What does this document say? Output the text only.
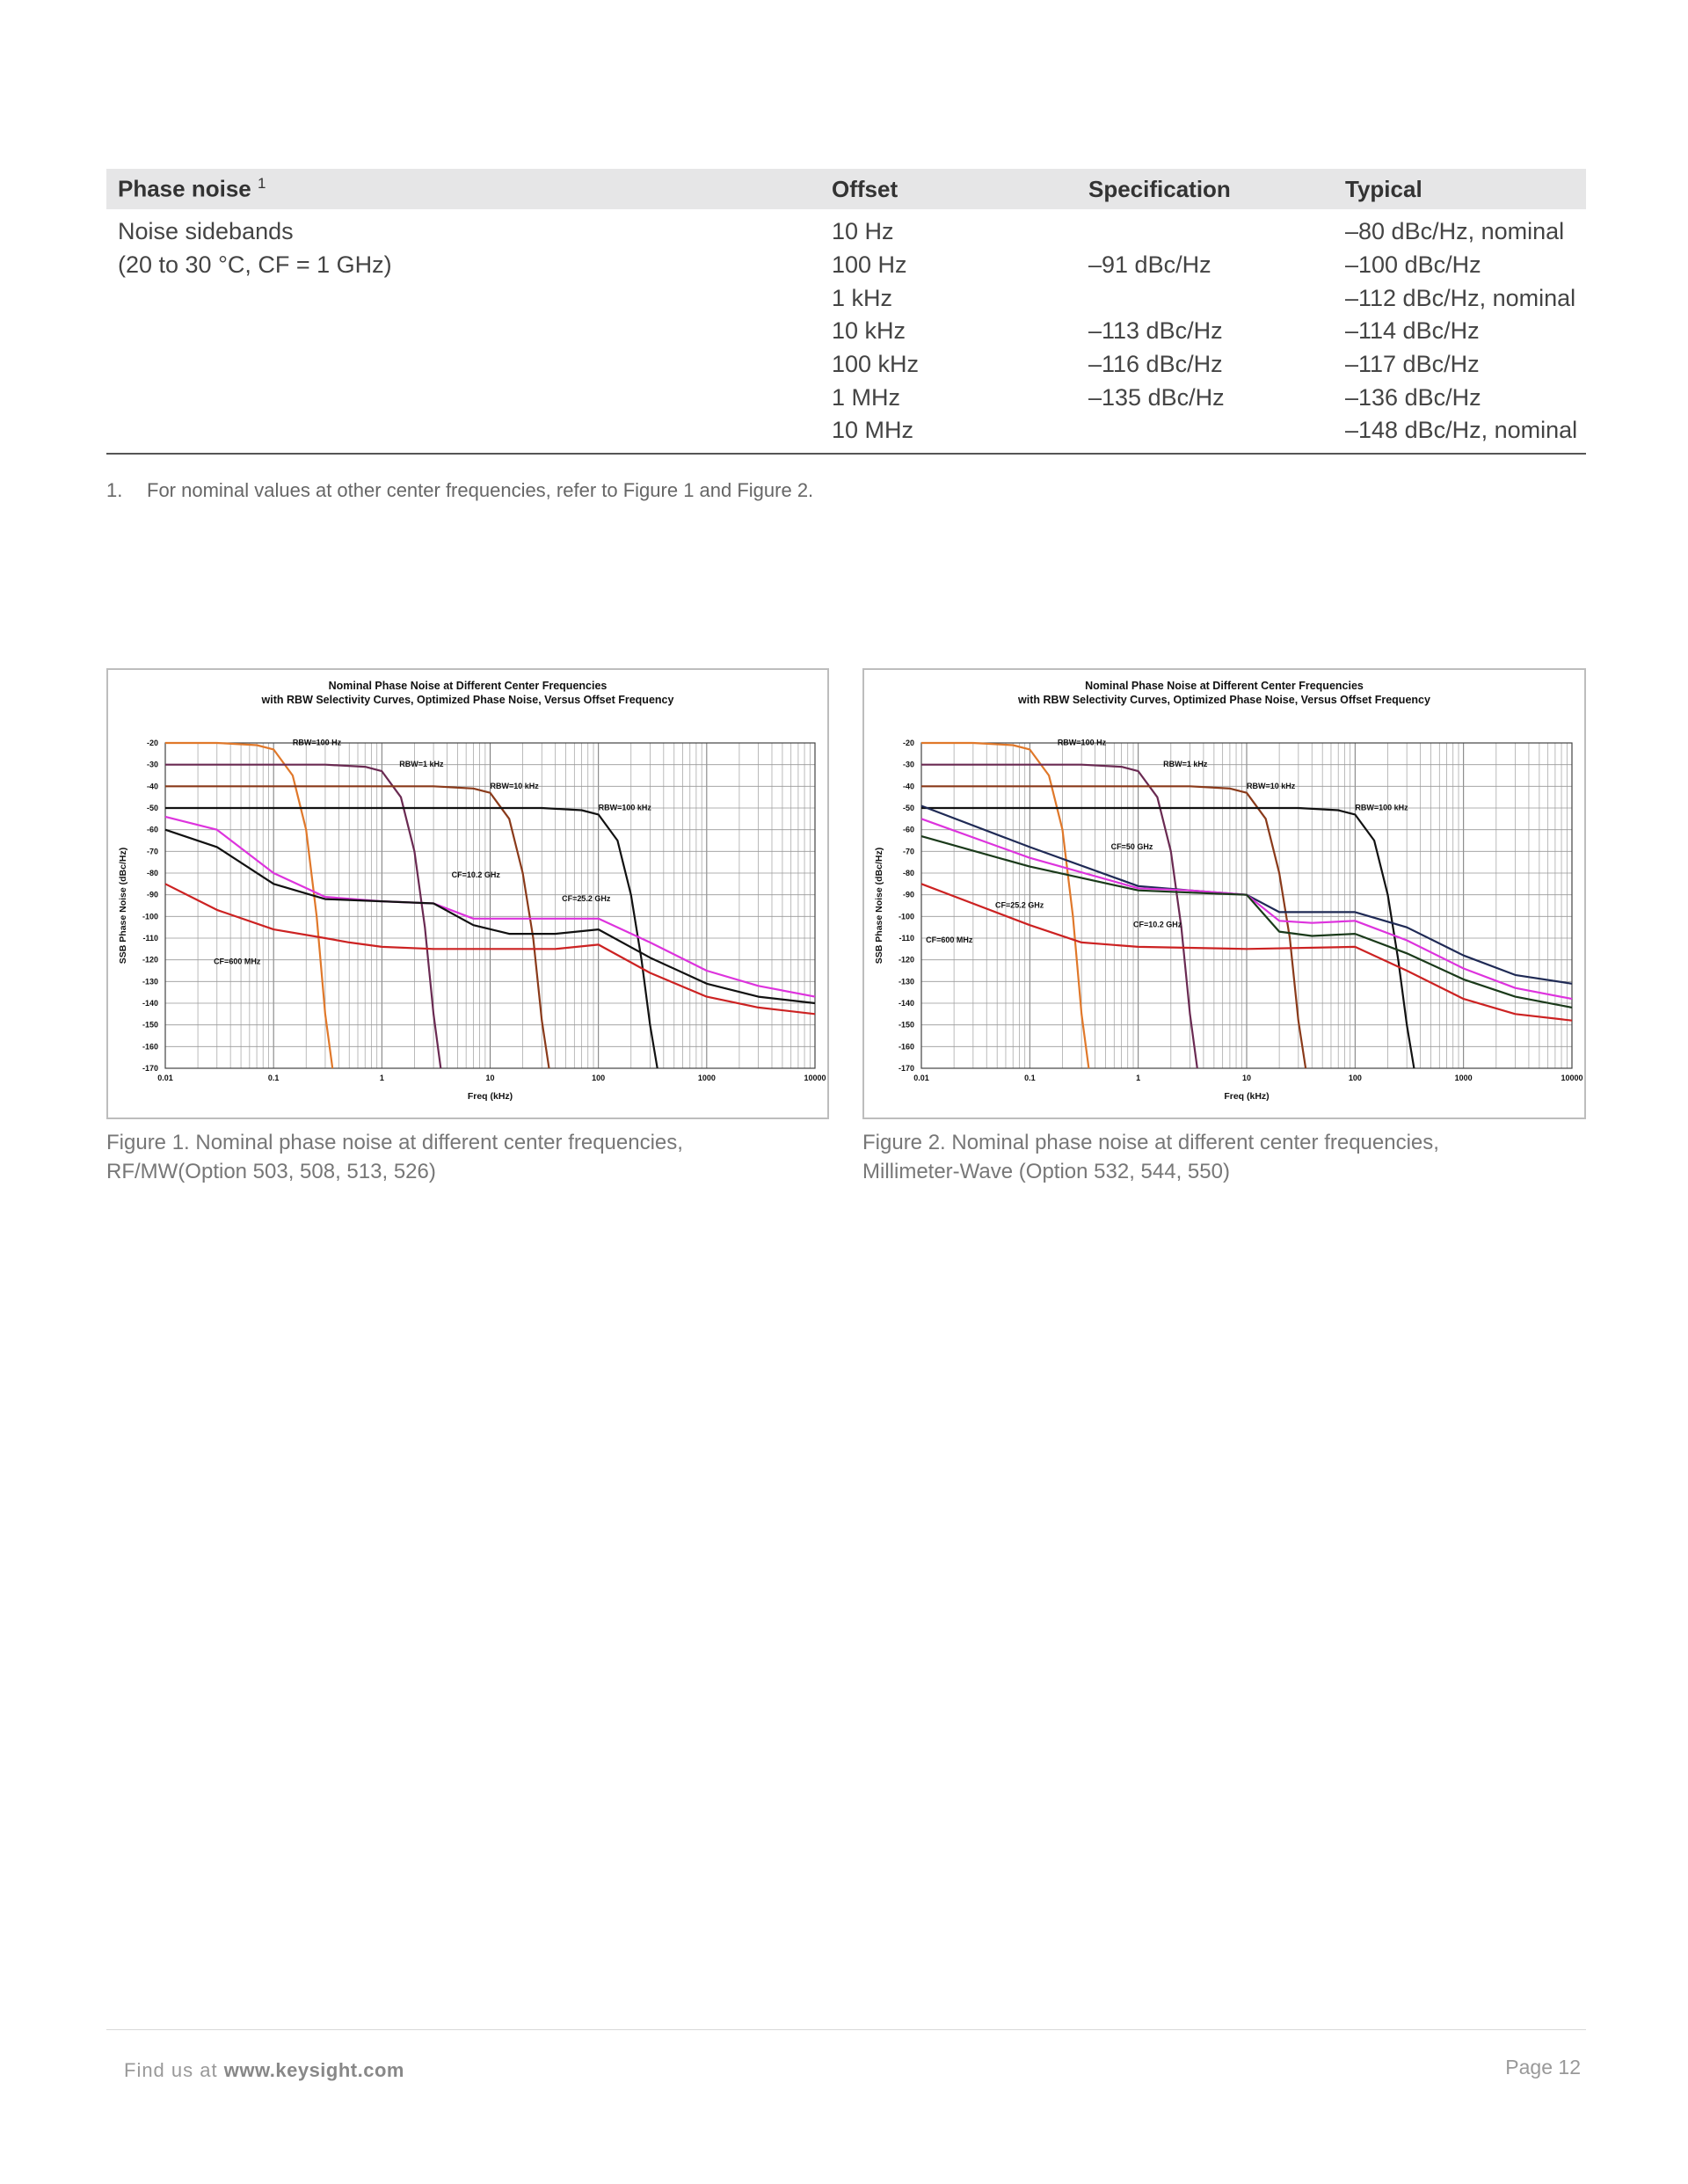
Phase noise $^1$	Offset	Specification	Typical
Noise sidebands	10 Hz		–80 dBc/Hz, nominal
(20 to 30 °C, CF = 1 GHz)	100 Hz	–91 dBc/Hz	–100 dBc/Hz
	1 kHz		–112 dBc/Hz, nominal
	10 kHz	–113 dBc/Hz	–114 dBc/Hz
	100 kHz	–116 dBc/Hz	–117 dBc/Hz
	1 MHz	–135 dBc/Hz	–136 dBc/Hz
	10 MHz		–148 dBc/Hz, nominal
1. For nominal values at other center frequencies, refer to Figure 1 and Figure 2.
Nominal Phase Noise at Different Center Frequencies
with RBW Selectivity Curves, Optimized Phase Noise, Versus Offset Frequency
-20
-30
-40
-50
-60
-70
-80
-90
-100
-110
-120
-130
-140
-150
-160
-170
0.01	0.1	1	10	100	1000	10000
Freq (kHz)
SSB Phase Noise (dBc/Hz)
RBW=100 Hz
RBW=1 kHz
RBW=10 kHz
RBW=100 kHz
CF=10.2 GHz
CF=25.2 GHz
CF=600 MHz
Figure 1. Nominal phase noise at different center frequencies,
RF/MW(Option 503, 508, 513, 526)
Nominal Phase Noise at Different Center Frequencies
with RBW Selectivity Curves, Optimized Phase Noise, Versus Offset Frequency
-20
-30
-40
-50
-60
-70
-80
-90
-100
-110
-120
-130
-140
-150
-160
-170
0.01	0.1	1	10	100	1000	10000
Freq (kHz)
SSB Phase Noise (dBc/Hz)
RBW=100 Hz
RBW=1 kHz
RBW=10 kHz
RBW=100 kHz
CF=50 GHz
CF=25.2 GHz
CF=10.2 GHz
CF=600 MHz
Figure 2. Nominal phase noise at different center frequencies,
Millimeter-Wave (Option 532, 544, 550)
Find us at www.keysight.com	Page 12
